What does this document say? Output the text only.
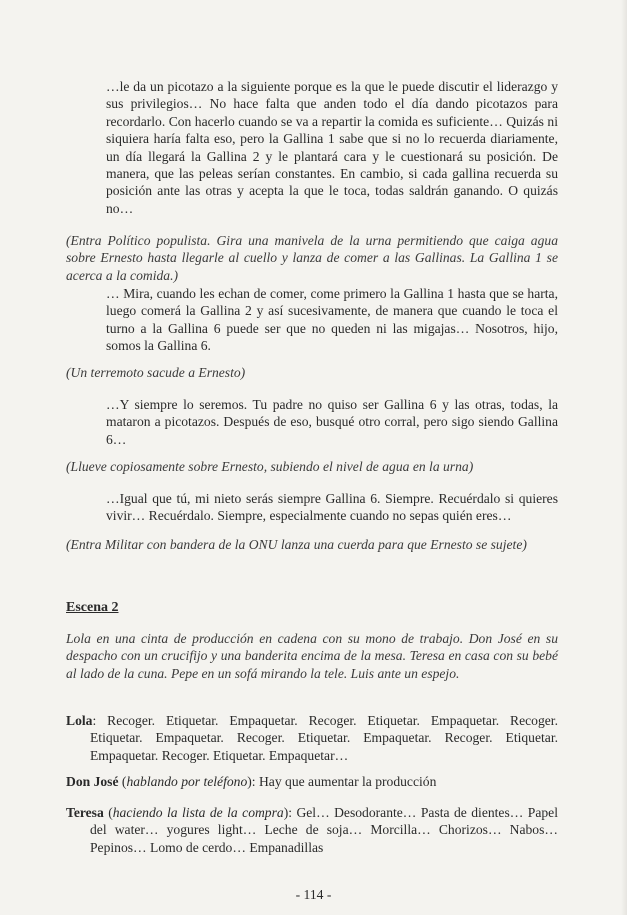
…le da un picotazo a la siguiente porque es la que le puede discutir el liderazgo y sus privilegios… No hace falta que anden todo el día dando picotazos para recordarlo. Con hacerlo cuando se va a repartir la comida es suficiente… Quizás ni siquiera haría falta eso, pero la Gallina 1 sabe que si no lo recuerda diariamente, un día llegará la Gallina 2 y le plantará cara y le cuestionará su posición. De manera, que las peleas serían constantes. En cambio, si cada gallina recuerda su posición ante las otras y acepta la que le toca, todas saldrán ganando. O quizás no…

(Entra Político populista. Gira una manivela de la urna permitiendo que caiga agua sobre Ernesto hasta llegarle al cuello y lanza de comer a las Gallinas. La Gallina 1 se acerca a la comida.)

… Mira, cuando les echan de comer, come primero la Gallina 1 hasta que se harta, luego comerá la Gallina 2 y así sucesivamente, de manera que cuando le toca el turno a la Gallina 6 puede ser que no queden ni las migajas… Nosotros, hijo, somos la Gallina 6.

(Un terremoto sacude a Ernesto)

…Y siempre lo seremos. Tu padre no quiso ser Gallina 6 y las otras, todas, la mataron a picotazos. Después de eso, busqué otro corral, pero sigo siendo Gallina 6…

(Llueve copiosamente sobre Ernesto, subiendo el nivel de agua en la urna)

…Igual que tú, mi nieto serás siempre Gallina 6. Siempre. Recuérdalo si quieres vivir… Recuérdalo. Siempre, especialmente cuando no sepas quién eres…

(Entra Militar con bandera de la ONU lanza una cuerda para que Ernesto se sujete)

Escena 2

Lola en una cinta de producción en cadena con su mono de trabajo. Don José en su despacho con un crucifijo y una banderita encima de la mesa. Teresa en casa con su bebé al lado de la cuna. Pepe en un sofá mirando la tele. Luis ante un espejo.

Lola: Recoger. Etiquetar. Empaquetar. Recoger. Etiquetar. Empaquetar. Recoger. Etiquetar. Empaquetar. Recoger. Etiquetar. Empaquetar. Recoger. Etiquetar. Empaquetar. Recoger. Etiquetar. Empaquetar…

Don José (hablando por teléfono): Hay que aumentar la producción

Teresa (haciendo la lista de la compra): Gel… Desodorante… Pasta de dientes… Papel del water… yogures light… Leche de soja… Morcilla… Chorizos… Nabos… Pepinos… Lomo de cerdo… Empanadillas

- 114 -
